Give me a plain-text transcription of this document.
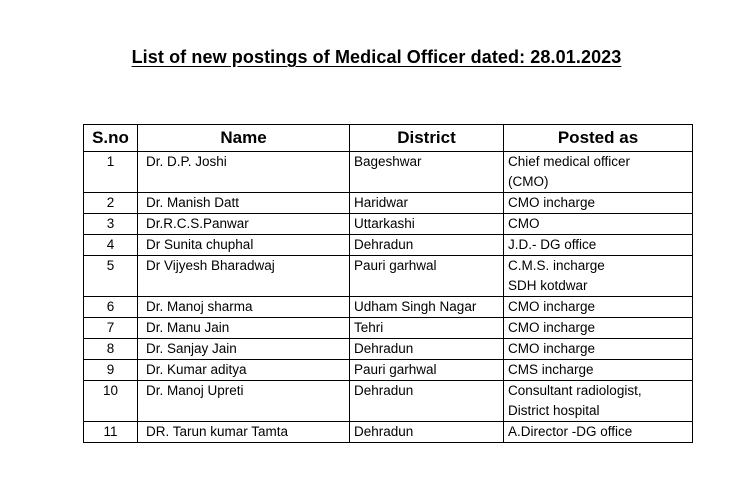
List of new postings of Medical Officer dated: 28.01.2023
S.no	Name	District	Posted as
1	Dr. D.P. Joshi	Bageshwar	Chief medical officer
(CMO)

2	Dr. Manish Datt	Haridwar	CMO incharge
3	Dr.R.C.S.Panwar	Uttarkashi	CMO
4	Dr Sunita chuphal	Dehradun	J.D.- DG office
5	Dr Vijyesh Bharadwaj	Pauri garhwal	C.M.S. incharge
SDH kotdwar

6	Dr. Manoj sharma	Udham Singh Nagar	CMO incharge
7	Dr. Manu Jain	Tehri	CMO incharge
8	Dr. Sanjay Jain	Dehradun	CMO incharge
9	Dr. Kumar aditya	Pauri garhwal	CMS incharge
10	Dr. Manoj Upreti	Dehradun	Consultant radiologist,
District hospital

11	DR. Tarun kumar Tamta	Dehradun	A.Director -DG office
